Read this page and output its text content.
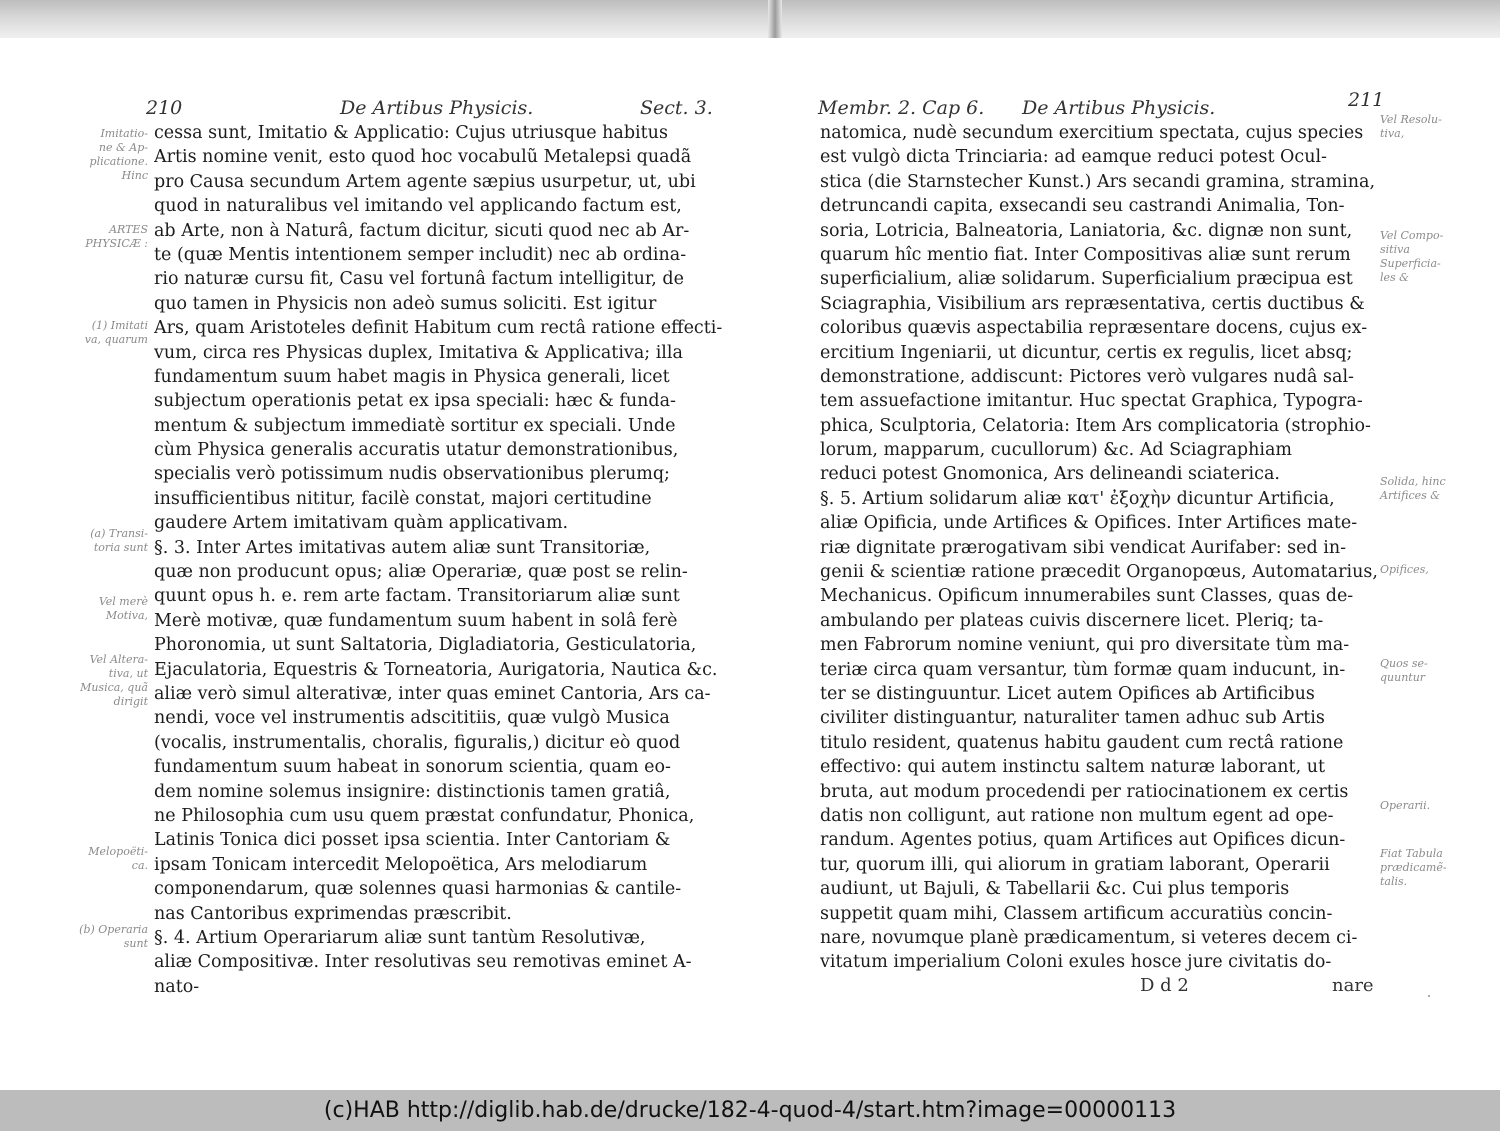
210	De Artibus Physicis.	Sect. 3.
cessa sunt, Imitatio & Applicatio: Cujus utriusque habitus
Artis nomine venit, esto quod hoc vocabulũ Metalepsi quadã
pro Causa secundum Artem agente sæpius usurpetur, ut, ubi
quod in naturalibus vel imitando vel applicando factum est,
ab Arte, non à Naturâ, factum dicitur, sicuti quod nec ab Ar-
te (quæ Mentis intentionem semper includit) nec ab ordina-
rio naturæ cursu fit, Casu vel fortunâ factum intelligitur, de
quo tamen in Physicis non adeò sumus soliciti. Est igitur
Ars, quam Aristoteles definit Habitum cum rectâ ratione effecti-
vum, circa res Physicas duplex, Imitativa & Applicativa; illa
fundamentum suum habet magis in Physica generali, licet
subjectum operationis petat ex ipsa speciali: hæc & funda-
mentum & subjectum immediatè sortitur ex speciali. Unde
cùm Physica generalis accuratis utatur demonstrationibus,
specialis verò potissimum nudis observationibus plerumq;
insufficientibus nititur, facilè constat, majori certitudine
gaudere Artem imitativam quàm applicativam.
§. 3. Inter Artes imitativas autem aliæ sunt Transitoriæ,
quæ non producunt opus; aliæ Operariæ, quæ post se relin-
quunt opus h. e. rem arte factam. Transitoriarum aliæ sunt
Merè motivæ, quæ fundamentum suum habent in solâ ferè
Phoronomia, ut sunt Saltatoria, Digladiatoria, Gesticulatoria,
Ejaculatoria, Equestris & Torneatoria, Aurigatoria, Nautica &c.
aliæ verò simul alterativæ, inter quas eminet Cantoria, Ars ca-
nendi, voce vel instrumentis adscititiis, quæ vulgò Musica
(vocalis, instrumentalis, choralis, figuralis,) dicitur eò quod
fundamentum suum habeat in sonorum scientia, quam eo-
dem nomine solemus insignire: distinctionis tamen gratiâ,
ne Philosophia cum usu quem præstat confundatur, Phonica,
Latinis Tonica dici posset ipsa scientia. Inter Cantoriam &
ipsam Tonicam intercedit Melopoëtica, Ars melodiarum
componendarum, quæ solennes quasi harmonias & cantile-
nas Cantoribus exprimendas præscribit.
§. 4. Artium Operariarum aliæ sunt tantùm Resolutivæ,
aliæ Compositivæ. Inter resolutivas seu remotivas eminet A-
nato-
Imitatio-
ne & Ap-
plicatione.
Hinc
ARTES
PHYSICÆ :
(1) Imitati
va, quarum
(a) Transi-
toria sunt
Vel merè
Motiva,
Vel Altera-
tiva, ut
Musica, quã
dirigit
Melopoëti-
ca.
(b) Operaria
sunt
Membr. 2. Cap 6. De Artibus Physicis.	211
natomica, nudè secundum exercitium spectata, cujus species
est vulgò dicta Trinciaria: ad eamque reduci potest Ocul-
stica (die Starnstecher Kunst.) Ars secandi gramina, stramina,
detruncandi capita, exsecandi seu castrandi Animalia, Ton-
soria, Lotricia, Balneatoria, Laniatoria, &c. dignæ non sunt,
quarum hîc mentio fiat. Inter Compositivas aliæ sunt rerum
superficialium, aliæ solidarum. Superficialium præcipua est
Sciagraphia, Visibilium ars repræsentativa, certis ductibus &
coloribus quævis aspectabilia repræsentare docens, cujus ex-
ercitium Ingeniarii, ut dicuntur, certis ex regulis, licet absq;
demonstratione, addiscunt: Pictores verò vulgares nudâ sal-
tem assuefactione imitantur. Huc spectat Graphica, Typogra-
phica, Sculptoria, Celatoria: Item Ars complicatoria (strophio-
lorum, mapparum, cucullorum) &c. Ad Sciagraphiam
reduci potest Gnomonica, Ars delineandi sciaterica.
§. 5. Artium solidarum aliæ κατ' ἐξοχὴν dicuntur Artificia,
aliæ Opificia, unde Artifices & Opifices. Inter Artifices mate-
riæ dignitate prærogativam sibi vendicat Aurifaber: sed in-
genii & scientiæ ratione præcedit Organopœus, Automatarius,
Mechanicus. Opificum innumerabiles sunt Classes, quas de-
ambulando per plateas cuivis discernere licet. Pleriq; ta-
men Fabrorum nomine veniunt, qui pro diversitate tùm ma-
teriæ circa quam versantur, tùm formæ quam inducunt, in-
ter se distinguuntur. Licet autem Opifices ab Artificibus
civiliter distinguantur, naturaliter tamen adhuc sub Artis
titulo resident, quatenus habitu gaudent cum rectâ ratione
effectivo: qui autem instinctu saltem naturæ laborant, ut
bruta, aut modum procedendi per ratiocinationem ex certis
datis non colligunt, aut ratione non multum egent ad ope-
randum. Agentes potius, quam Artifices aut Opifices dicun-
tur, quorum illi, qui aliorum in gratiam laborant, Operarii
audiunt, ut Bajuli, & Tabellarii &c. Cui plus temporis
suppetit quam mihi, Classem artificum accuratiùs concin-
nare, novumque planè prædicamentum, si veteres decem ci-
vitatum imperialium Coloni exules hosce jure civitatis do-
D d 2	nare
Vel Resolu-
tiva,
Vel Compo-
sitiva
Superficia-
les &
Solida, hinc
Artifices &
Opifices,
Quos se-
quuntur
Operarii.
Fiat Tabula
prædicamẽ-
talis.
(c)HAB http://diglib.hab.de/drucke/182-4-quod-4/start.htm?image=00000113
